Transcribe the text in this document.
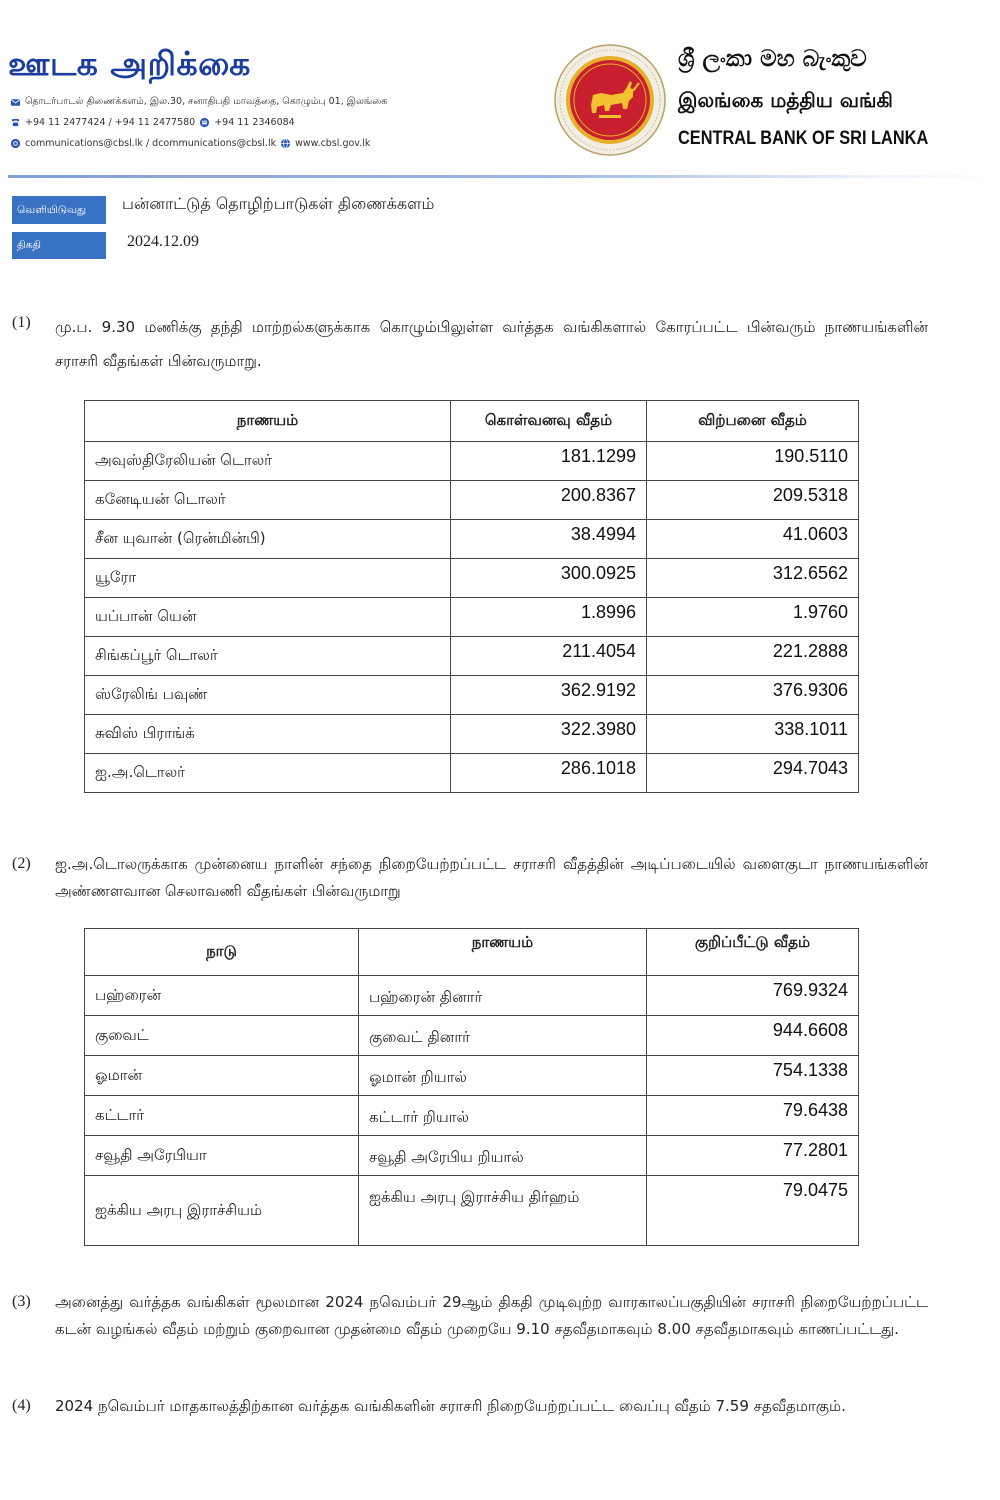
ஊடக அறிக்கை
தொடர்பாடல் திணைக்களம், இல.30, சனாதிபதி மாவத்தை, கொழும்பு 01, இலங்கை
+94 11 2477424 / +94 11 2477580 +94 11 2346084
communications@cbsl.lk / dcommunications@cbsl.lk www.cbsl.gov.lk
ශ්‍රී ලංකා මහ බැංකුව
இலங்கை மத்திய வங்கி
CENTRAL BANK OF SRI LANKA
வெளியிடுவது	பன்னாட்டுத் தொழிற்பாடுகள் திணைக்களம்
திகதி	2024.12.09
(1) மு.ப. 9.30 மணிக்கு தந்தி மாற்றல்களுக்காக கொழும்பிலுள்ள வர்த்தக வங்கிகளால் கோரப்பட்ட பின்வரும் நாணயங்களின் சராசரி வீதங்கள் பின்வருமாறு.
நாணயம்	கொள்வனவு வீதம்	விற்பனை வீதம்
அவுஸ்திரேலியன் டொலர்	181.1299	190.5110
கனேடியன் டொலர்	200.8367	209.5318
சீன யுவான் (ரென்மின்பி)	38.4994	41.0603
யூரோ	300.0925	312.6562
யப்பான் யென்	1.8996	1.9760
சிங்கப்பூர் டொலர்	211.4054	221.2888
ஸ்ரேலிங் பவுண்	362.9192	376.9306
சுவிஸ் பிராங்க்	322.3980	338.1011
ஐ.அ.டொலர்	286.1018	294.7043
(2) ஐ.அ.டொலருக்காக முன்னைய நாளின் சந்தை நிறையேற்றப்பட்ட சராசரி வீதத்தின் அடிப்படையில் வளைகுடா நாணயங்களின் அண்ணளவான செலாவணி வீதங்கள் பின்வருமாறு
நாடு	நாணயம்	குறிப்பீட்டு வீதம்
பஹ்ரைன்	பஹ்ரைன் தினார்	769.9324
குவைட்	குவைட் தினார்	944.6608
ஓமான்	ஓமான் றியால்	754.1338
கட்டார்	கட்டார் றியால்	79.6438
சவூதி அரேபியா	சவூதி அரேபிய றியால்	77.2801
ஐக்கிய அரபு இராச்சியம்	ஐக்கிய அரபு இராச்சிய திர்ஹம்	79.0475
(3) அனைத்து வர்த்தக வங்கிகள் மூலமான 2024 நவெம்பர் 29ஆம் திகதி முடிவுற்ற வாரகாலப்பகுதியின் சராசரி நிறையேற்றப்பட்ட கடன் வழங்கல் வீதம் மற்றும் குறைவான முதன்மை வீதம் முறையே 9.10 சதவீதமாகவும் 8.00 சதவீதமாகவும் காணப்பட்டது.
(4) 2024 நவெம்பர் மாதகாலத்திற்கான வர்த்தக வங்கிகளின் சராசரி நிறையேற்றப்பட்ட வைப்பு வீதம் 7.59 சதவீதமாகும்.
